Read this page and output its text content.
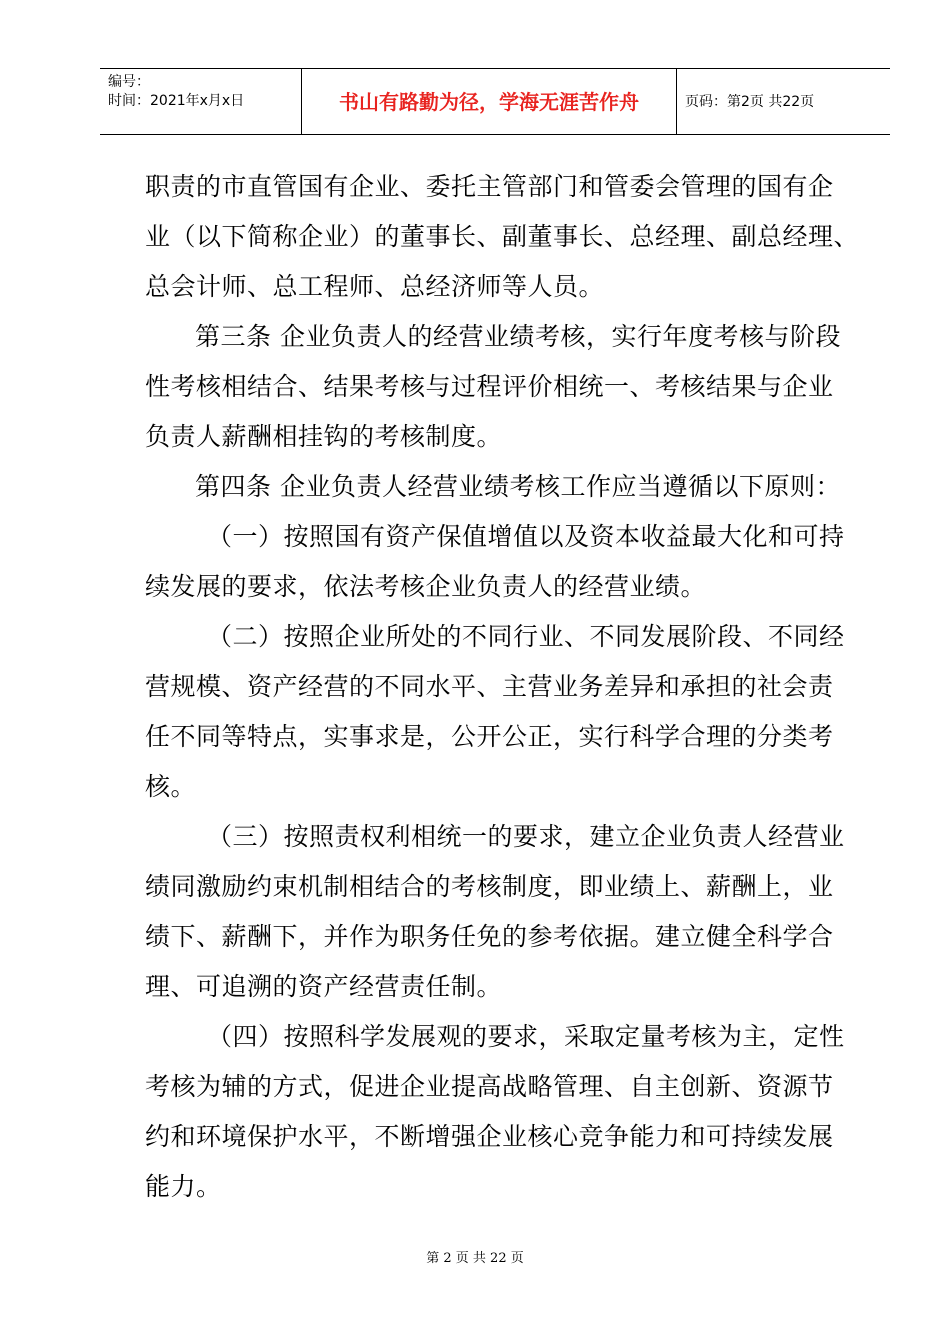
编号：
时间：2021年x月x日	书山有路勤为径，学海无涯苦作舟	页码：第2页 共22页

职责的市直管国有企业、委托主管部门和管委会管理的国有企

业（以下简称企业）的董事长、副董事长、总经理、副总经理、

总会计师、总工程师、总经济师等人员。

第三条 企业负责人的经营业绩考核，实行年度考核与阶段

性考核相结合、结果考核与过程评价相统一、考核结果与企业

负责人薪酬相挂钩的考核制度。

第四条 企业负责人经营业绩考核工作应当遵循以下原则：

（一）按照国有资产保值增值以及资本收益最大化和可持

续发展的要求，依法考核企业负责人的经营业绩。

（二）按照企业所处的不同行业、不同发展阶段、不同经

营规模、资产经营的不同水平、主营业务差异和承担的社会责

任不同等特点，实事求是，公开公正，实行科学合理的分类考

核。

（三）按照责权利相统一的要求，建立企业负责人经营业

绩同激励约束机制相结合的考核制度，即业绩上、薪酬上，业

绩下、薪酬下，并作为职务任免的参考依据。建立健全科学合

理、可追溯的资产经营责任制。

（四）按照科学发展观的要求，采取定量考核为主，定性

考核为辅的方式，促进企业提高战略管理、自主创新、资源节

约和环境保护水平，不断增强企业核心竞争能力和可持续发展

能力。

第 2 页 共 22 页
